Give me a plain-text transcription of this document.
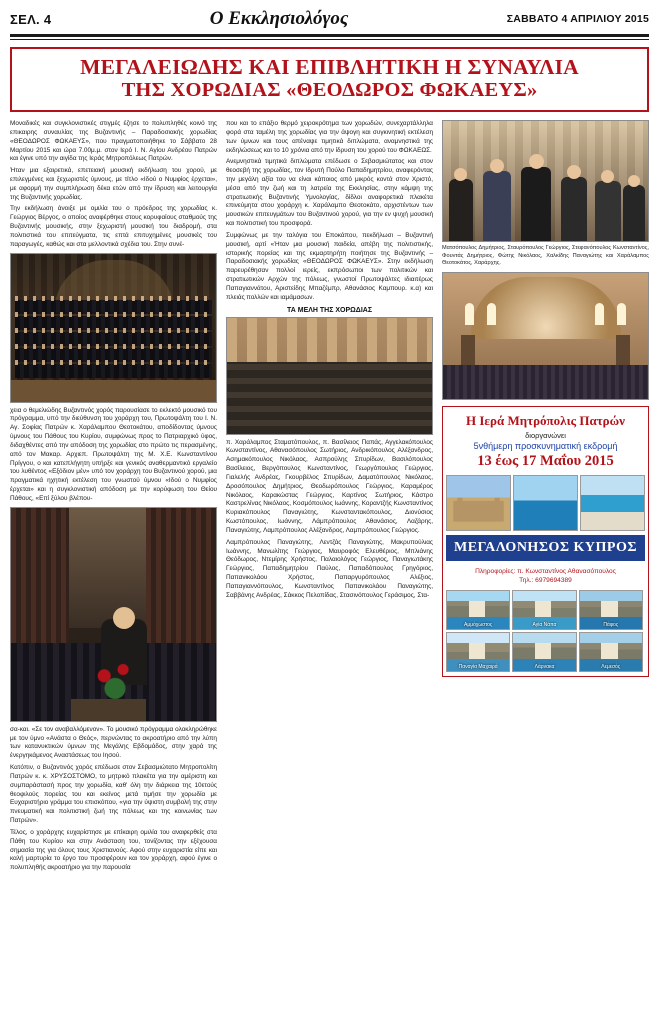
ΣΕΛ. 4	Ο Εκκλησιολόγος	ΣΑΒΒΑΤΟ 4 ΑΠΡΙΛΙΟΥ 2015
ΜΕΓΑΛΕΙΩΔΗΣ ΚΑΙ ΕΠΙΒΛΗΤΙΚΗ Η ΣΥΝΑΥΛΙΑ
ΤΗΣ ΧΟΡΩΔΙΑΣ «ΘΕΟΔΩΡΟΣ ΦΩΚΑΕΥΣ»

Μοναδικές και συγκλονιστικές στιγμές έζησε το πολυπληθές κοινό της επικαιρης συναυλίας της Βυζαντινής – Παραδοσιακής χορωδίας «ΘΕΟΔΩΡΟΣ ΦΩΚΑΕΥΣ», που πραγματοποιήθηκε το Σάββατο 28 Μαρτίου 2015 και ώρα 7.00μ.μ. στον Ιερό Ι. Ν. Αγίου Ανδρέου Πατρών και έγινε υπό την αιγίδα της Ιεράς Μητροπόλεως Πατρών.

Ήταν μια εξαιρετικά, επετειακή μουσική εκδήλωση του χορού, με επιλεγμένες και ξεχωριστές ύμνους, με τίτλο «Ιδού ο Νυμφίος έρχεται», με αφορμή την συμπλήρωση δέκα ετών από την ίδρυση και λειτουργία της Βυζαντινής χορωδίας.

Την εκδήλωση άνοιξε με ομιλία του ο πρόεδρος της χορωδίας κ. Γεώργιος Βέργος, ο οποίος αναφέρθηκε στους κορυφαίους σταθμούς της Βυζαντινής μουσικής, στην ξεχωριστή μουσική του διαδρομή, στα πολιτιστικά του επιτεύγματα, τις επτά επιτυχημένες μουσικές του παραγωγές, καθώς και στα μελλοντικά σχέδια του. Στην συνέ-

χεια ο θεμελιώδης Βυζαντινός χορός παρουσίασε το εκλεκτό μουσικό του πρόγραμμα, υπό την διεύθυνση του χοράρχη του, Πρωτοψάλτη του Ι. Ν. Αγ. Σοφίας Πατρών κ. Χαράλαμπου Θεοτοκάτου, αποδίδοντας ύμνους ύμνους του Πάθους του Κυρίου, συμφώνως προς το Πατριαρχικό ύφος, διδαχθέντες από την απόδοση της χορωδίας στο πρώτο τις περασμένης, από τον Μακαρ. Αρχιεπ. Πρωτοψάλτη της Μ. Χ.Ε. Κωνσταντίνου Πρίγγου, ο και κατεπλήγητη υπήρξε και γενικός αναθερμαντικό εργαλείο του λυθέντος «Εξόδιον μέν» υπό τον χοράρχη του Βυζαντινού χορού, μια πραγματικά ηχητική εκτέλεση του γνωστού ύμνου «Ιδού ο Νυμφίος έρχεται» και η συγκλονιστική απόδοση με την κορύφωση του Θείου Πάθους, «Επί ξύλου βλέπου-

σα-και. «Σε τον αναβαλλόμενον». Το μουσικό πρόγραμμα ολοκληρώθηκε με τον ύμνο «Ανάστα ο Θεός», περνώντας το ακροατήριο από την λύπη των κατανυκτικών ύμνων της Μεγάλης Εβδομάδος, στην χαρά της ένεργηκάμενος Αναστάσεως του Ιησού.

Κατόπιν, ο Βυζαντινός χορός επέδωσε στον Σεβασμιώτατο Μητροπολίτη Πατρών κ. κ. ΧΡΥΣΟΣΤΟΜΟ, το μητρικό πλακέτα για την αμέριστη και συμπαράστασή προς την χορωδία, καθ' όλη την διάρκεια της 10ετούς θεοφιλούς πορείας του και εκείνος μετά τιμήσε την χορωδία με Ευχαριστήριο γράμμα του επισκόπου, «για την ύψιστη συμβολή της στην πνευματική και πολιτιστική ζωή της πόλεως και της κοινωνίας των Πατρών».

Τέλος, ο χοράρχης ευχαρίστησε με επίκαιρη ομιλία του αναφερθείς στα Πάθη του Κυρίου και στην Ανάσταση του, τονίζοντας την εξέχουσα σημασία της για όλους τους Χριστιανούς. Αφού στην ευχαριστία είπε και καλή μαρτυρία το έργο του προσφέρουν και τον χοράρχη, αφού έγινε ο πολυπληθής ακροατήριο για την παρουσία

που και το επάξιο θερμό χειροκρότημα των χορωδών, συνεχαρτάλληλα φορά στα ταμέλη της χορωδίας για την άψογη και συγκινητική εκτέλεση των ύμνων και τους απέναψε τιμητικά διπλώματα, αναμνηστικά της εκδηλώσεως και το 10 χρόνια από την ίδρυση του χορού του ΦΩΚΑΕΩΣ.

Ανεμνηστικά τιμητικά διπλώματα επέδωσε ο Σεβασμιώτατος και στον θεοσεβή της χορωδίας, τον Ιδρυτή Πούλο Παπαδημητρίου, αναφερόντας την μεγάλη αξία του να είναι κάποιος από μικρός κοντά στον Χριστό, μέσα από την ζωή και τη λατρεία της Εκκλησίας, στην κάμψη της στρατιωτικής Βυζαντινής Υμνολογίας, δίδλοι αναφορετικά πλακέτα επινεύμητα στου χοράρχη κ. Χαράλαμπο Θεοτοκάτο, αρχιστέντων των μουσικών επιτευγμάτων του Βυζαντινού χορού, για την εν ψυχή μουσική και πολιτιστική του προσφορά.

Συμφώνως με την ταλόγια του Εποκάπου, πεκδήλωσι – Βυζαντινή μουσική, αρτί «Ήταν μια μουσική παιδεία, απέβη της πολιτιστικής, ιστορικής πορείας και της εκμαρτηρήτη ποιήτησε της Βυζαντινής – Παραδοσιακής χορωδίας «ΘΕΟΔΩΡΟΣ ΦΩΚΑΕΥΣ». Στην εκδήλωση παρευρέθησαν πολλοί ιερείς, εκπρόσωποι των πολιτικών και στρατιωτικών Αρχών της πόλεως, γνωστοί Πρωτοψάλτες ιδιαιτέρως Παπαγιαννάτου, Αριστείδης Μπαζέμπρ, Αθανάσιος Καμπουρ. κ.α) και πλειάς πολλών και ιαμάμασων.

ΤΑ ΜΕΛΗ ΤΗΣ ΧΟΡΩΔΙΑΣ

π. Χαράλαμπος Σταματόπουλος, π. Βασίλειος Παπάς, Αγγελακόπουλος Κωνσταντίνος, Αθανασόπουλος Σωτήριος, Ανδρικόπουλος Αλέξανδρος, Ασημακόπουλος Νικόλαος, Ασπρούλης Σπυρίδων, Βασιλόπουλος Βασίλειος, Βεργόπουλος Κωνσταντίνος, Γεωργόπουλος Γεώργιος, Γιαλελής Ανδρέας, Γκουρβέλος Σπυρίδων, Δαματόπουλος Νικόλαος, Δροσόπουλος Δημήτριος, Θεοδωρόπουλος Γεώργιος, Καραμέρος Νικόλαος, Καρακώστας Γεώργιος, Καρτίνος Σωτήριος, Κάστρο Καστρελίνας Νικόλαος, Κοσμόπουλος Ιωάννης, Κοραντζής Κωνσταντίνος Κυριακόπουλος Παναγιώτης, Κωνσταντακόπουλος, Διονύσιος Κωστόπουλος, Ιωάννης, Λάμπρόπουλος Αθανάσιος, Λαζάρης, Παναγιώτης, Λαμπρόπουλος Αλέξανδρος, Λαμπρόπουλος Γεώργιος.

Λαμπρόπουλος Παναγιώτης, Λεντζάς Παναγιώτης, Μακρυπούλιας Ιωάννης, Μανωλίτης Γεώργιος, Μαυροφός Ελευθέριος, Μπλιάνης Θεόδωρος, Ντεμίρης Χρήστος, Παλαιολόγος Γεώργιος, Παναγιωτάκης Γεώργιος, Παπαδημητρίου Παύλος, Παπαδόπουλος Γρηγόριος, Παπανικολάου Χρήστος, Παπαργυρόπουλος Αλέξιος, Παπαγιαννόπουλος, Κωνσταντίνος Παπανικολάου Παναγιώτης, Σαββάνης Ανδρέας, Σάκκος Πελοπίδας, Στασινόπουλος Γεράσιμος, Στα-

Ματσόπουλος Δημήτριος, Σταυρόπουλος Γεώργιος, Στεφανόπουλος Κωνσταντίνος, Φουντάς Δημήτριος, Φώτης Νικόλαος, Χαλκίδης Παναγιώτης και Χαράλαμπος Θεοτοκάτος, Χαράρχης.
Η Ιερά Μητρόπολις Πατρών
διοργανώνει
5νθήμερη προσκυνηματική εκδρομή
13 έως 17 Μαΐου 2015
ΜΕΓΑΛΟΝΗΣΟΣ ΚΥΠΡΟΣ
Πληροφορίες: π. Κωνσταντίνος Αθανασόπουλος
Τηλ.: 6979694389
Αμμόχωστος	Αγία Νάπα	Πάφος
Παναγία Μαχαιρά	Λάρνακα	Λεμεσός
